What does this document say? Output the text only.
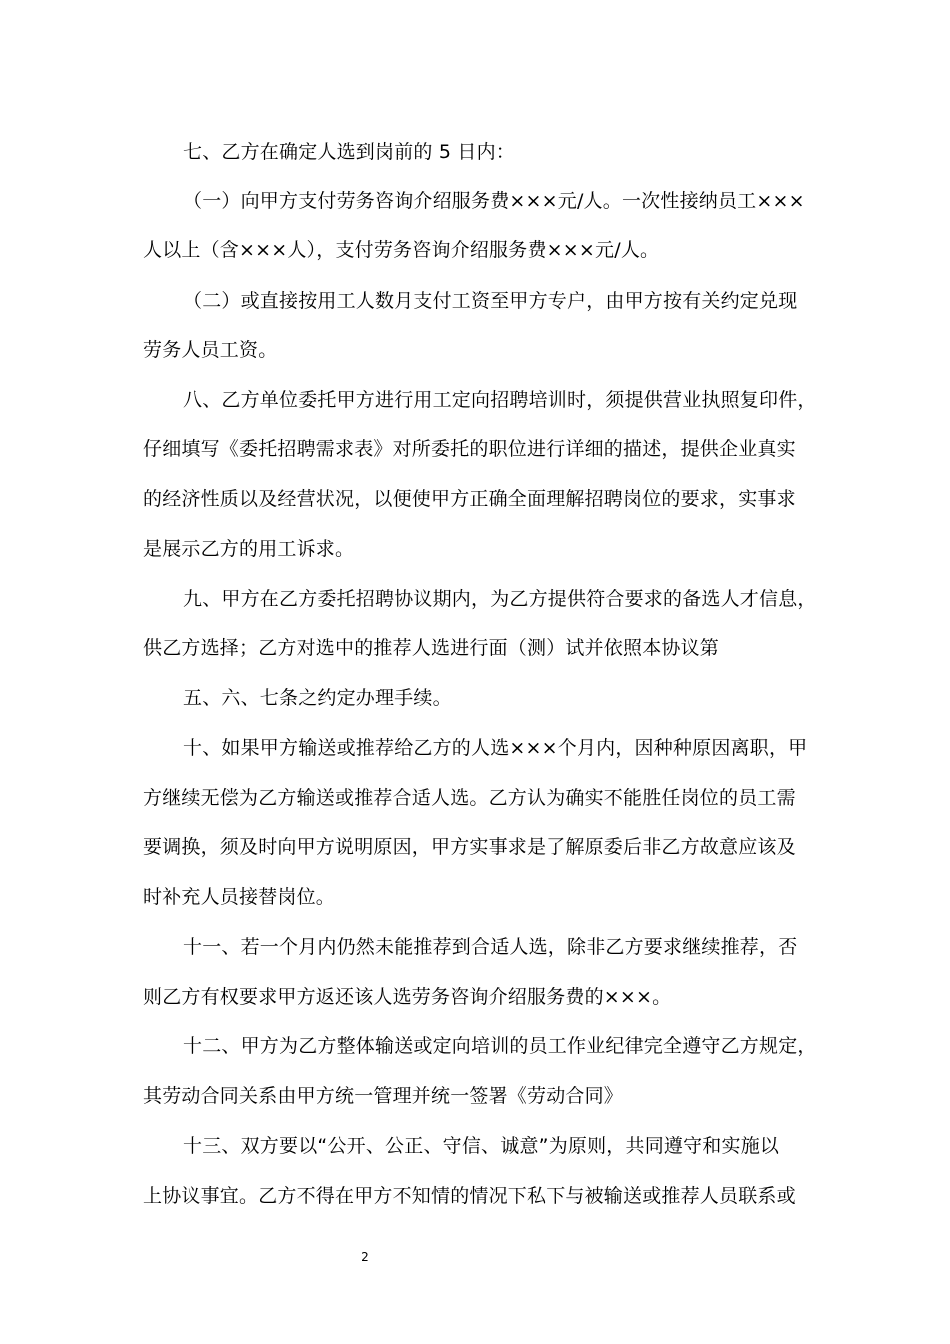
七、乙方在确定人选到岗前的 5 日内：
（一）向甲方支付劳务咨询介绍服务费×××元/人。一次性接纳员工×××
人以上（含×××人），支付劳务咨询介绍服务费×××元/人。
（二）或直接按用工人数月支付工资至甲方专户，由甲方按有关约定兑现
劳务人员工资。
八、乙方单位委托甲方进行用工定向招聘培训时，须提供营业执照复印件，
仔细填写《委托招聘需求表》对所委托的职位进行详细的描述，提供企业真实
的经济性质以及经营状况，以便使甲方正确全面理解招聘岗位的要求，实事求
是展示乙方的用工诉求。
九、甲方在乙方委托招聘协议期内，为乙方提供符合要求的备选人才信息，
供乙方选择；乙方对选中的推荐人选进行面（测）试并依照本协议第
五、六、七条之约定办理手续。
十、如果甲方输送或推荐给乙方的人选×××个月内，因种种原因离职，甲
方继续无偿为乙方输送或推荐合适人选。乙方认为确实不能胜任岗位的员工需
要调换，须及时向甲方说明原因，甲方实事求是了解原委后非乙方故意应该及
时补充人员接替岗位。
十一、若一个月内仍然未能推荐到合适人选，除非乙方要求继续推荐，否
则乙方有权要求甲方返还该人选劳务咨询介绍服务费的×××。
十二、甲方为乙方整体输送或定向培训的员工作业纪律完全遵守乙方规定，
其劳动合同关系由甲方统一管理并统一签署《劳动合同》
十三、双方要以“公开、公正、守信、诚意”为原则，共同遵守和实施以
上协议事宜。乙方不得在甲方不知情的情况下私下与被输送或推荐人员联系或
2
